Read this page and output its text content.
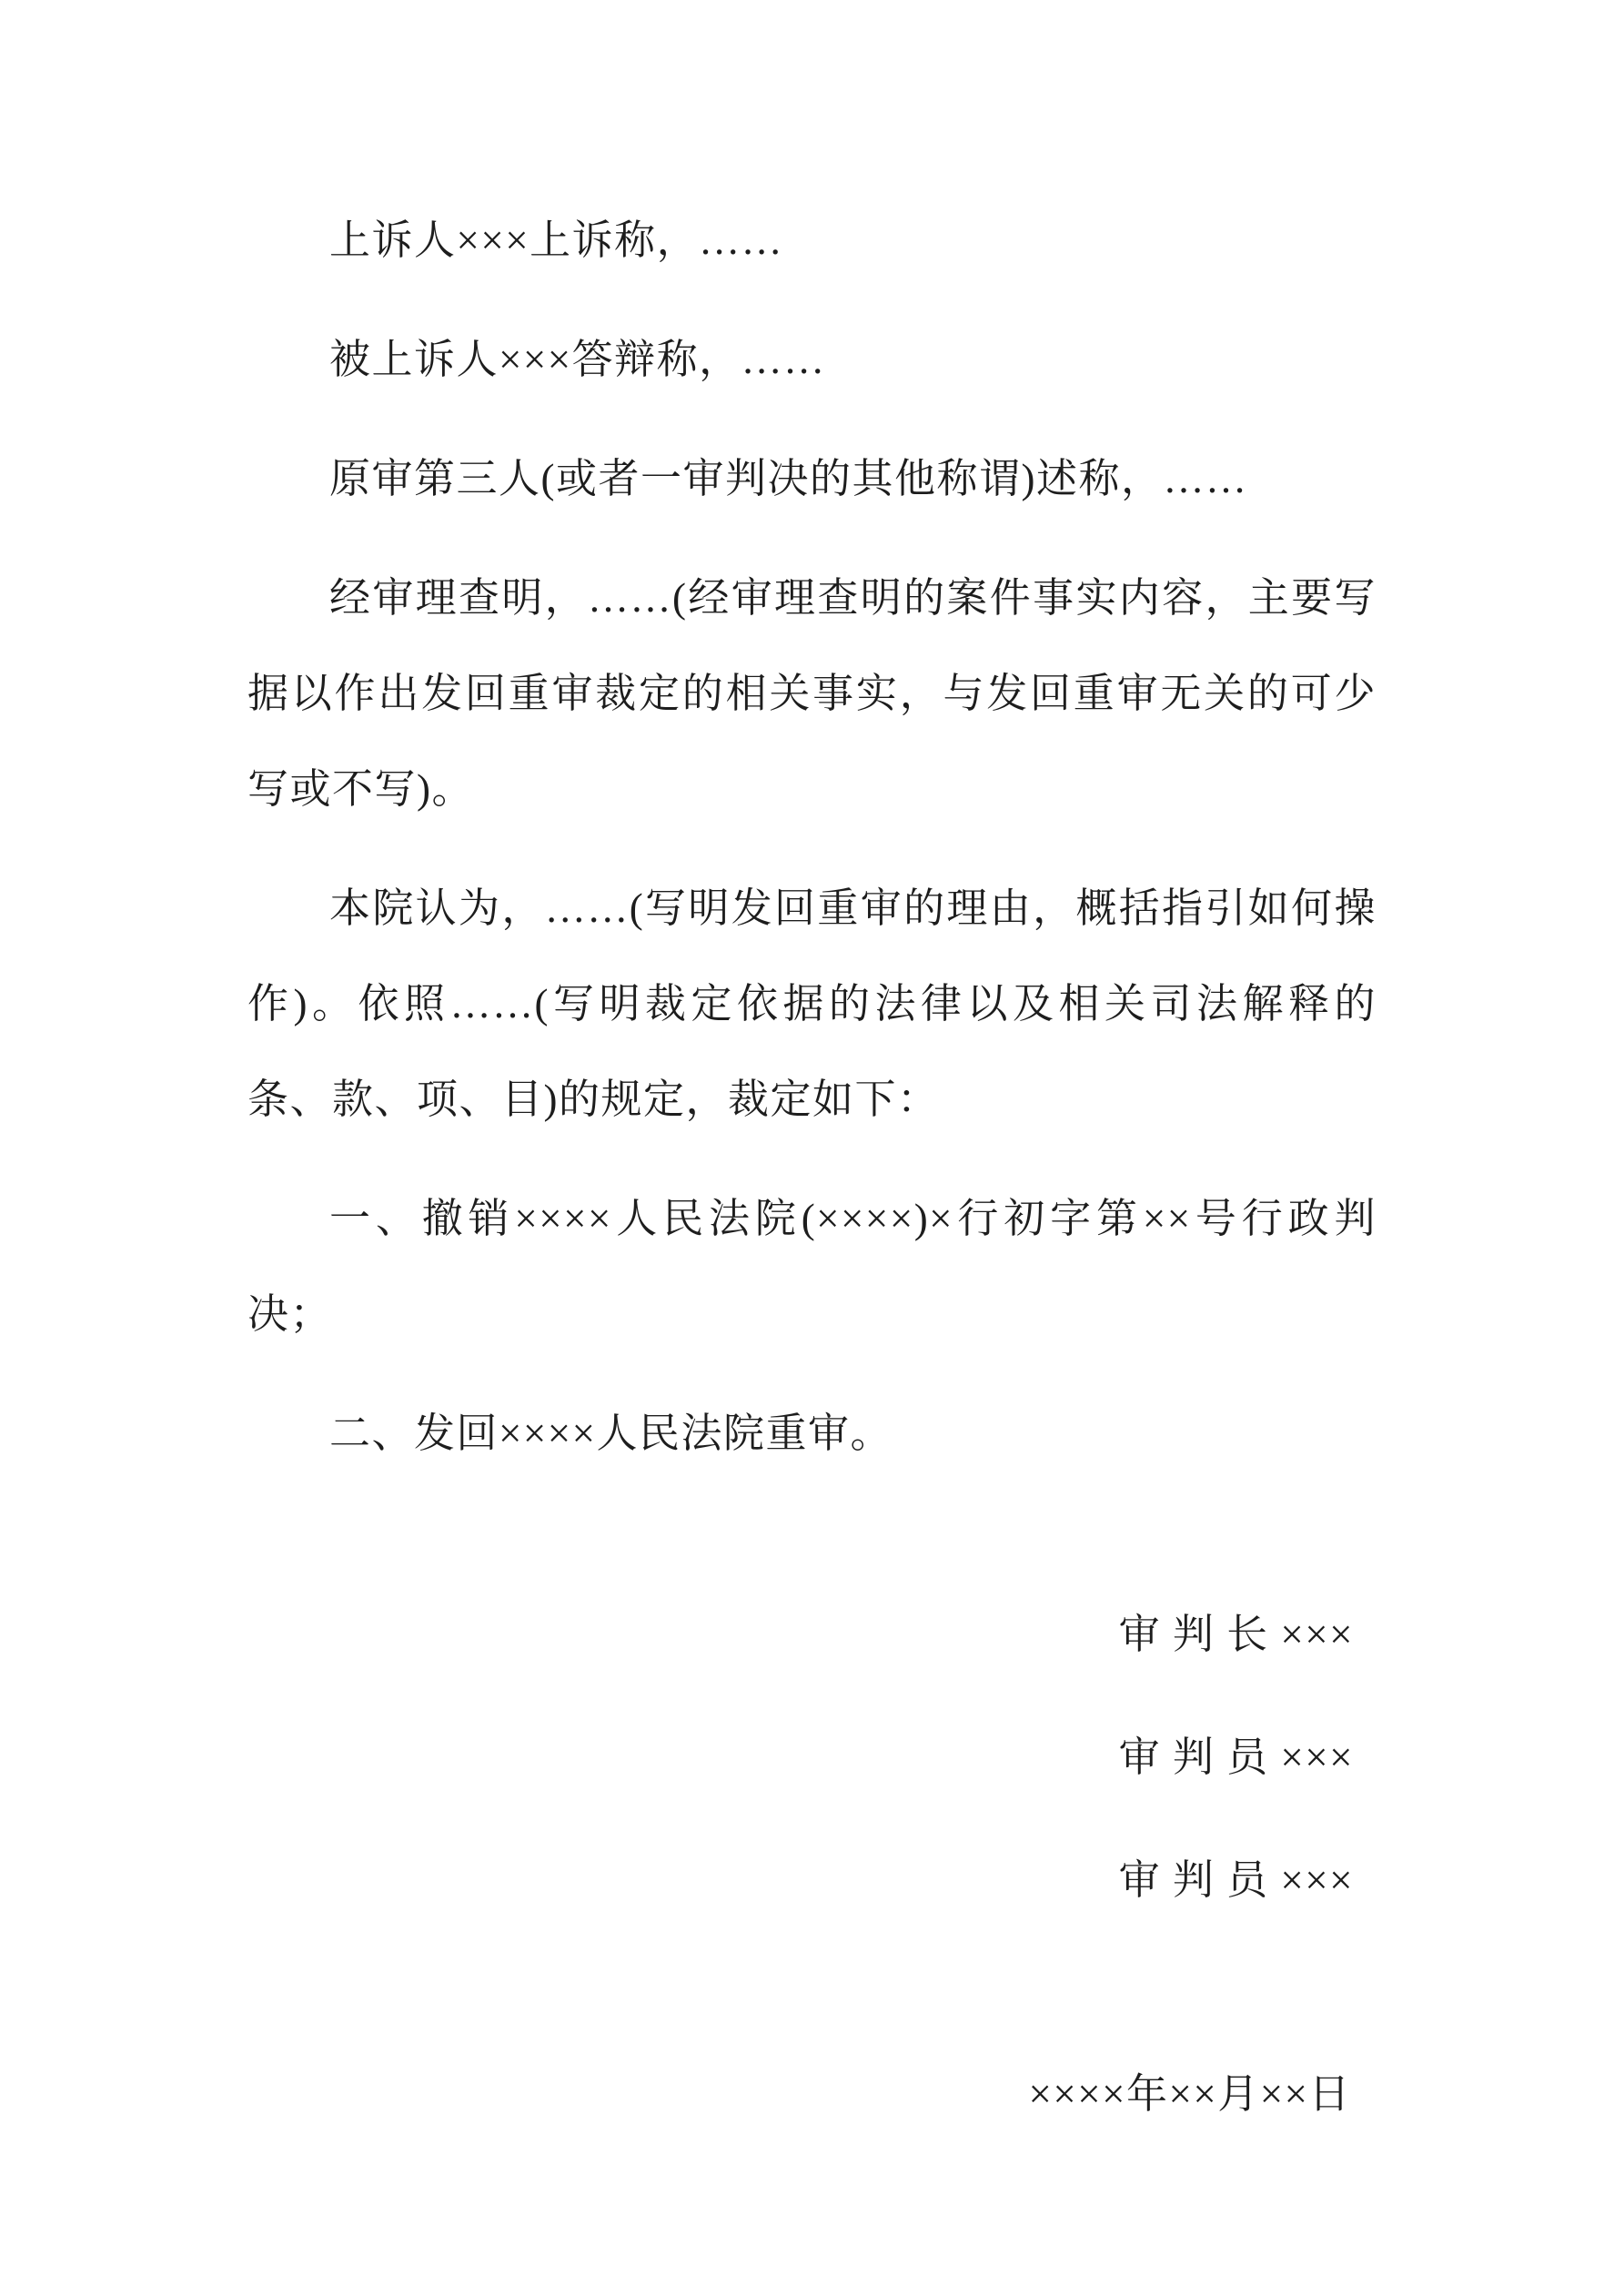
上诉人×××上诉称，……

被上诉人×××答辩称，……

原审第三人(或者一审判决的其他称谓)述称，……

经审理查明，……(经审理查明的案件事实内容，主要写据以作出发回重审裁定的相关事实，与发回重审无关的可少写或不写)。

本院认为，……(写明发回重审的理由，概括指引如何操作)。依照……(写明裁定依据的法律以及相关司法解释的条、款、项、目)的规定，裁定如下：

一、撤销××××人民法院(××××)×行初字第××号行政判决；

二、发回××××人民法院重审。

审 判 长 ×××

审 判 员 ×××

审 判 员 ×××

××××年××月××日
